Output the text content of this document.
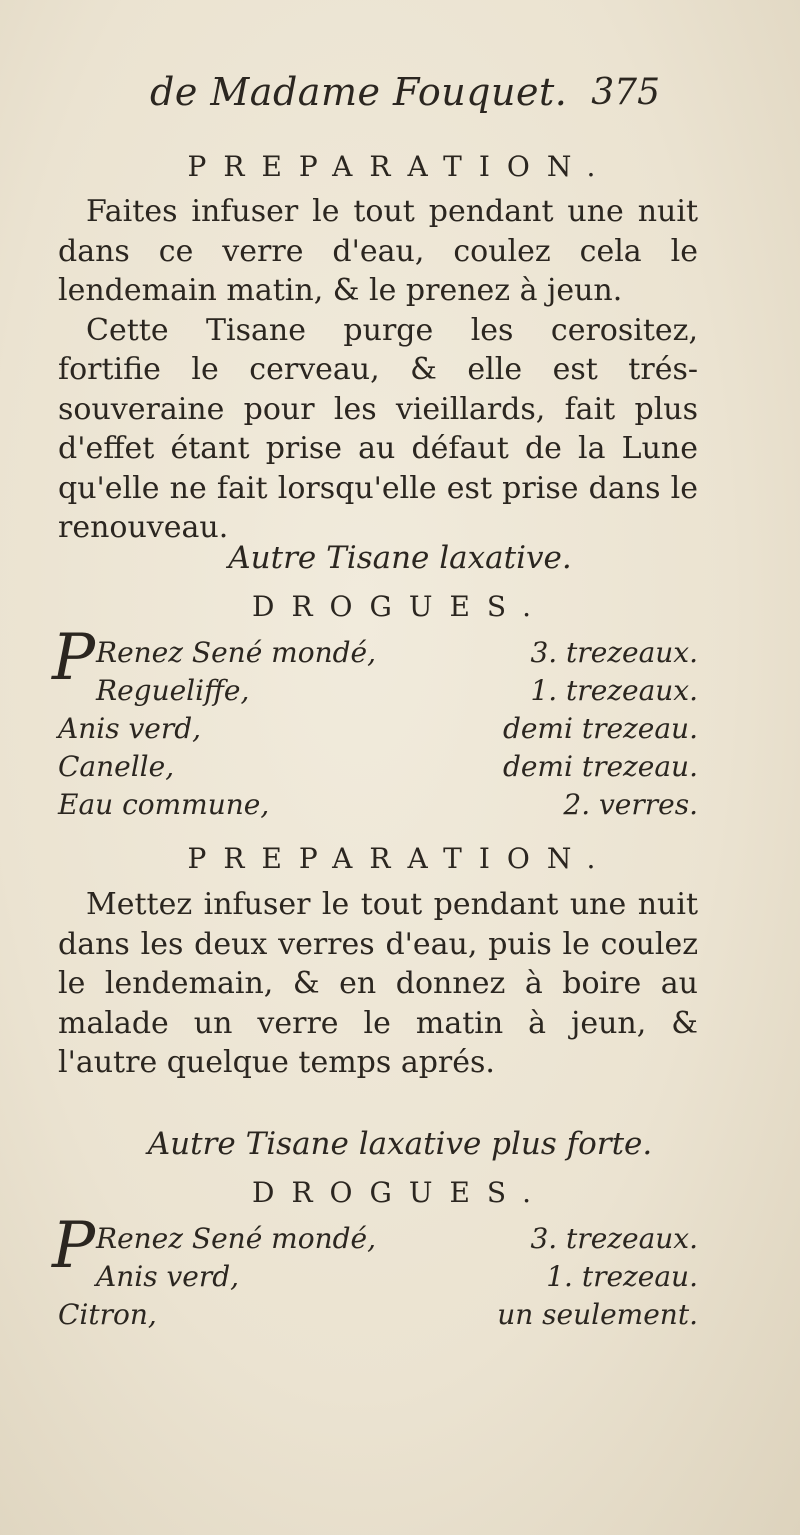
de Madame Fouquet. 375
PREPARATION.

Faites infuser le tout pendant une nuit dans ce verre d'eau, coulez cela le lendemain matin, & le prenez à jeun.

Cette Tisane purge les cerositez, fortifie le cerveau, & elle est trés-souveraine pour les vieillards, fait plus d'effet étant prise au défaut de la Lune qu'elle ne fait lorsqu'elle est prise dans le renouveau.

Autre Tisane laxative.
DROGUES.
P Renez Sené mondé,	3. trezeaux.
Regueliffe,	1. trezeaux.
Anis verd,	demi trezeau.
Canelle,	demi trezeau.
Eau commune,	2. verres.
PREPARATION.

Mettez infuser le tout pendant une nuit dans les deux verres d'eau, puis le coulez le lendemain, & en donnez à boire au malade un verre le matin à jeun, & l'autre quelque temps aprés.

Autre Tisane laxative plus forte.
DROGUES.
P Renez Sené mondé,	3. trezeaux.
Anis verd,	1. trezeau.
Citron,	un seulement.
